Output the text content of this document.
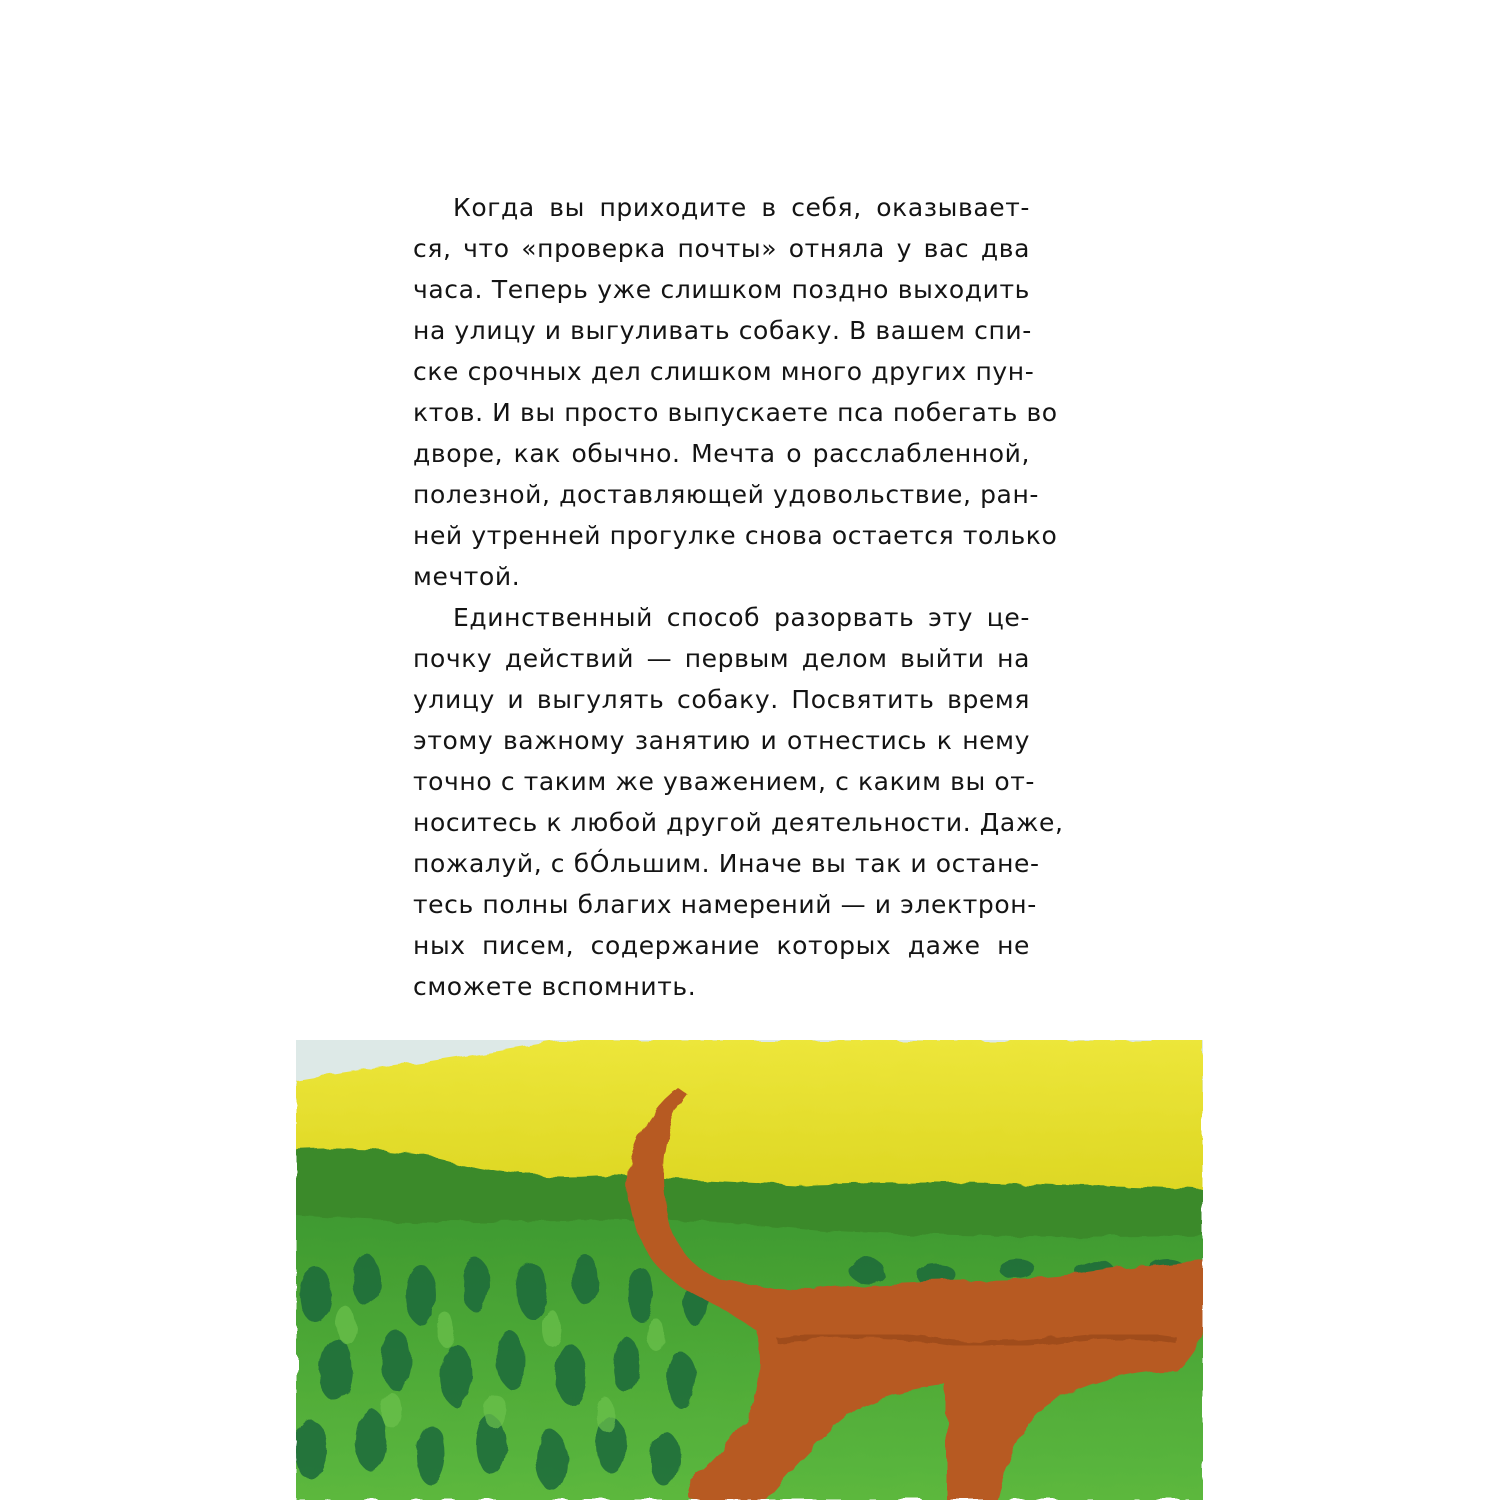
Когда вы приходите в себя, оказывает-
ся, что «проверка почты» отняла у вас два
часа. Теперь уже слишком поздно выходить
на улицу и выгуливать собаку. В вашем спи-
ске срочных дел слишком много других пун-
ктов. И вы просто выпускаете пса побегать во
дворе, как обычно. Мечта о расслабленной,
полезной, доставляющей удовольствие, ран-
ней утренней прогулке снова остается только
мечтой.
Единственный способ разорвать эту це-
почку действий — первым делом выйти на
улицу и выгулять собаку. Посвятить время
этому важному занятию и отнестись к нему
точно с таким же уважением, с каким вы от-
носитесь к любой другой деятельности. Даже,
пожалуй, с бÓльшим. Иначе вы так и остане-
тесь полны благих намерений — и электрон-
ных писем, содержание которых даже не
сможете вспомнить.
